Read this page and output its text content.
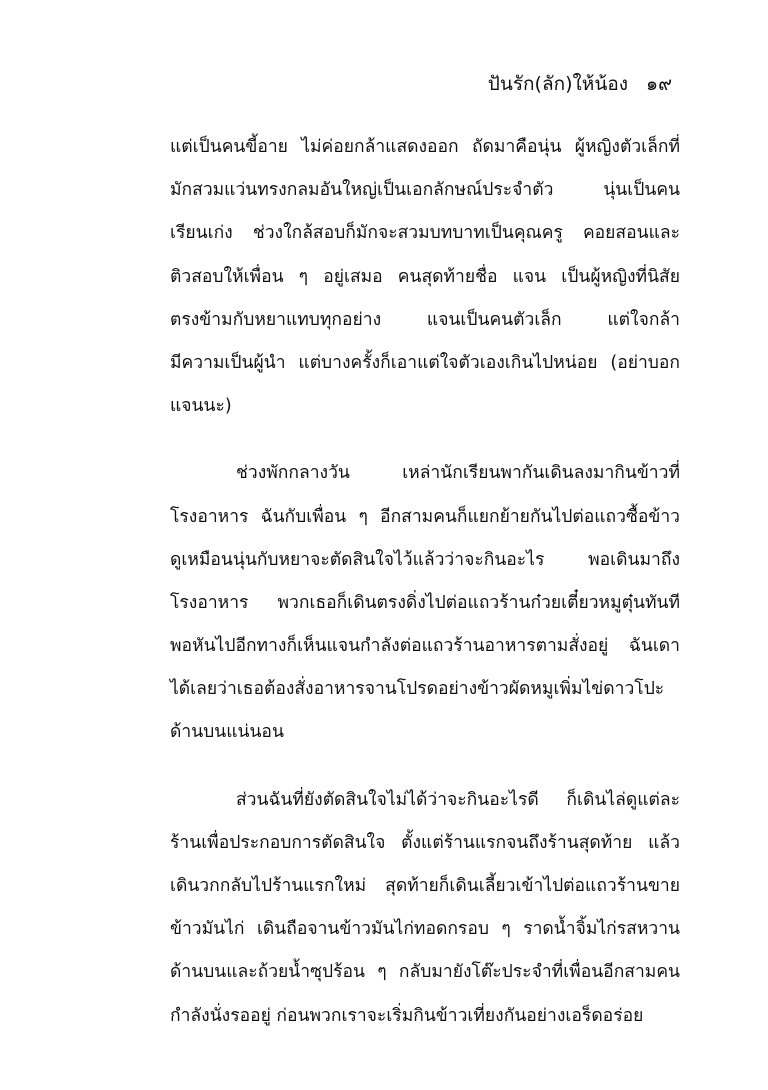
ปันรัก(ลัก)ให้น้อง ๑๙
แต่เป็นคนขี้อาย ไม่ค่อยกล้าแสดงออก ถัดมาคือนุ่น ผู้หญิงตัวเล็กที่
มักสวมแว่นทรงกลมอันใหญ่เป็นเอกลักษณ์ประจำตัว นุ่นเป็นคน
เรียนเก่ง ช่วงใกล้สอบก็มักจะสวมบทบาทเป็นคุณครู คอยสอนและ
ติวสอบให้เพื่อน ๆ อยู่เสมอ คนสุดท้ายชื่อ แจน เป็นผู้หญิงที่นิสัย
ตรงข้ามกับหยาแทบทุกอย่าง แจนเป็นคนตัวเล็ก แต่ใจกล้า
มีความเป็นผู้นำ แต่บางครั้งก็เอาแต่ใจตัวเองเกินไปหน่อย (อย่าบอก
แจนนะ)
ช่วงพักกลางวัน เหล่านักเรียนพากันเดินลงมากินข้าวที่
โรงอาหาร ฉันกับเพื่อน ๆ อีกสามคนก็แยกย้ายกันไปต่อแถวซื้อข้าว
ดูเหมือนนุ่นกับหยาจะตัดสินใจไว้แล้วว่าจะกินอะไร พอเดินมาถึง
โรงอาหาร พวกเธอก็เดินตรงดิ่งไปต่อแถวร้านก๋วยเตี๋ยวหมูตุ๋นทันที
พอหันไปอีกทางก็เห็นแจนกำลังต่อแถวร้านอาหารตามสั่งอยู่ ฉันเดา
ได้เลยว่าเธอต้องสั่งอาหารจานโปรดอย่างข้าวผัดหมูเพิ่มไข่ดาวโปะ
ด้านบนแน่นอน
ส่วนฉันที่ยังตัดสินใจไม่ได้ว่าจะกินอะไรดี ก็เดินไล่ดูแต่ละ
ร้านเพื่อประกอบการตัดสินใจ ตั้งแต่ร้านแรกจนถึงร้านสุดท้าย แล้ว
เดินวกกลับไปร้านแรกใหม่ สุดท้ายก็เดินเลี้ยวเข้าไปต่อแถวร้านขาย
ข้าวมันไก่ เดินถือจานข้าวมันไก่ทอดกรอบ ๆ ราดน้ำจิ้มไก่รสหวาน
ด้านบนและถ้วยน้ำซุปร้อน ๆ กลับมายังโต๊ะประจำที่เพื่อนอีกสามคน
กำลังนั่งรออยู่ ก่อนพวกเราจะเริ่มกินข้าวเที่ยงกันอย่างเอร็ดอร่อย
